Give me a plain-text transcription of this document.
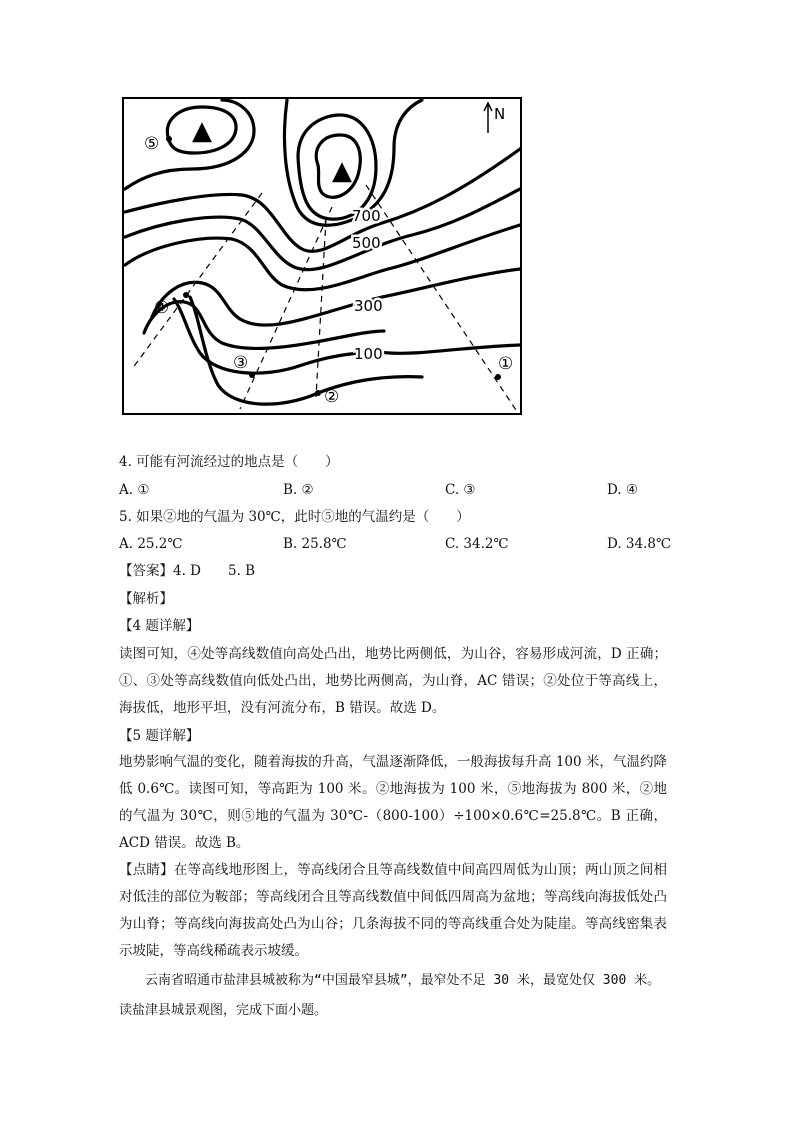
▲
▲
700
500
300
100	①
②
③
④
⑤
N
4. 可能有河流经过的地点是（　　）
A. ①	B. ②	C. ③	D. ④
5. 如果②地的气温为 30℃，此时⑤地的气温约是（　　）
A. 25.2℃	B. 25.8℃	C. 34.2℃	D. 34.8℃
【答案】4. D　　5. B
【解析】
【4 题详解】
读图可知，④处等高线数值向高处凸出，地势比两侧低，为山谷，容易形成河流，D 正确；①、③处等高线数值向低处凸出，地势比两侧高，为山脊，AC 错误；②处位于等高线上，海拔低，地形平坦，没有河流分布，B 错误。故选 D。
【5 题详解】
地势影响气温的变化，随着海拔的升高，气温逐渐降低，一般海拔每升高 100 米，气温约降低 0.6℃。读图可知，等高距为 100 米。②地海拔为 100 米，⑤地海拔为 800 米，②地的气温为 30℃，则⑤地的气温为 30℃-（800-100）÷100×0.6℃=25.8℃。B 正确，ACD 错误。故选 B。
【点睛】在等高线地形图上，等高线闭合且等高线数值中间高四周低为山顶；两山顶之间相对低洼的部位为鞍部；等高线闭合且等高线数值中间低四周高为盆地；等高线向海拔低处凸为山脊；等高线向海拔高处凸为山谷；几条海拔不同的等高线重合处为陡崖。等高线密集表示坡陡，等高线稀疏表示坡缓。
云南省昭通市盐津县城被称为“中国最窄县城”，最窄处不足 30 米，最宽处仅 300 米。读盐津县城景观图，完成下面小题。
